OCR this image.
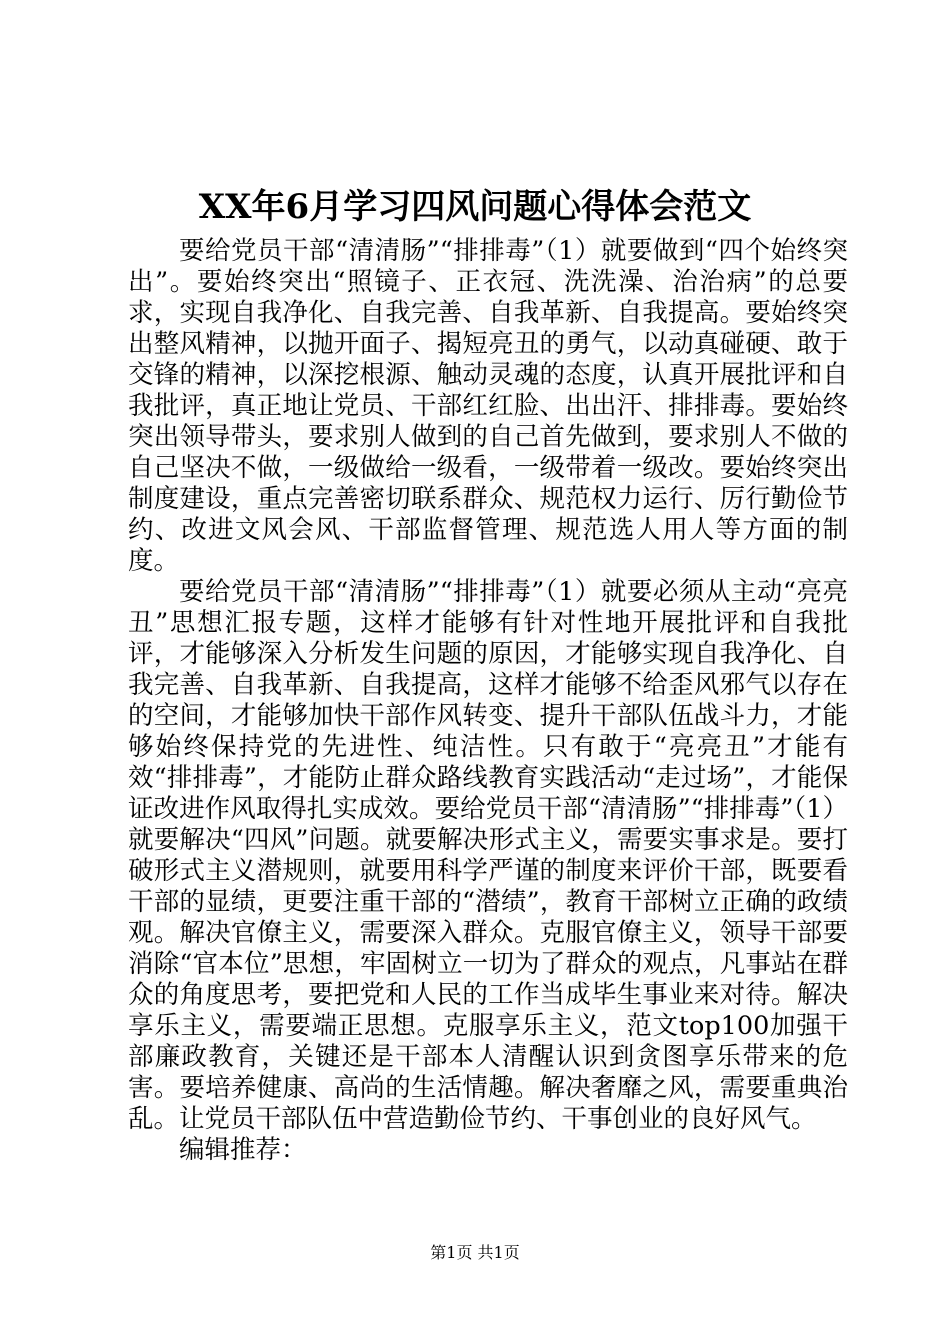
XX年6月学习四风问题心得体会范文

要给党员干部“清清肠”“排排毒”（1）就要做到“四个始终突出”。要始终突出“照镜子、正衣冠、洗洗澡、治治病”的总要求，实现自我净化、自我完善、自我革新、自我提高。要始终突出整风精神，以抛开面子、揭短亮丑的勇气，以动真碰硬、敢于交锋的精神，以深挖根源、触动灵魂的态度，认真开展批评和自我批评，真正地让党员、干部红红脸、出出汗、排排毒。要始终突出领导带头，要求别人做到的自己首先做到，要求别人不做的自己坚决不做，一级做给一级看，一级带着一级改。要始终突出制度建设，重点完善密切联系群众、规范权力运行、厉行勤俭节约、改进文风会风、干部监督管理、规范选人用人等方面的制度。

要给党员干部“清清肠”“排排毒”（1）就要必须从主动“亮亮丑”思想汇报专题，这样才能够有针对性地开展批评和自我批评，才能够深入分析发生问题的原因，才能够实现自我净化、自我完善、自我革新、自我提高，这样才能够不给歪风邪气以存在的空间，才能够加快干部作风转变、提升干部队伍战斗力，才能够始终保持党的先进性、纯洁性。只有敢于“亮亮丑”才能有效“排排毒”，才能防止群众路线教育实践活动“走过场”，才能保证改进作风取得扎实成效。要给党员干部“清清肠”“排排毒”（1）就要解决“四风”问题。就要解决形式主义，需要实事求是。要打破形式主义潜规则，就要用科学严谨的制度来评价干部，既要看干部的显绩，更要注重干部的“潜绩”，教育干部树立正确的政绩观。解决官僚主义，需要深入群众。克服官僚主义，领导干部要消除“官本位”思想，牢固树立一切为了群众的观点，凡事站在群众的角度思考，要把党和人民的工作当成毕生事业来对待。解决享乐主义，需要端正思想。克服享乐主义，范文top100加强干部廉政教育，关键还是干部本人清醒认识到贪图享乐带来的危害。要培养健康、高尚的生活情趣。解决奢靡之风，需要重典治乱。让党员干部队伍中营造勤俭节约、干事创业的良好风气。

编辑推荐：

第1页 共1页
